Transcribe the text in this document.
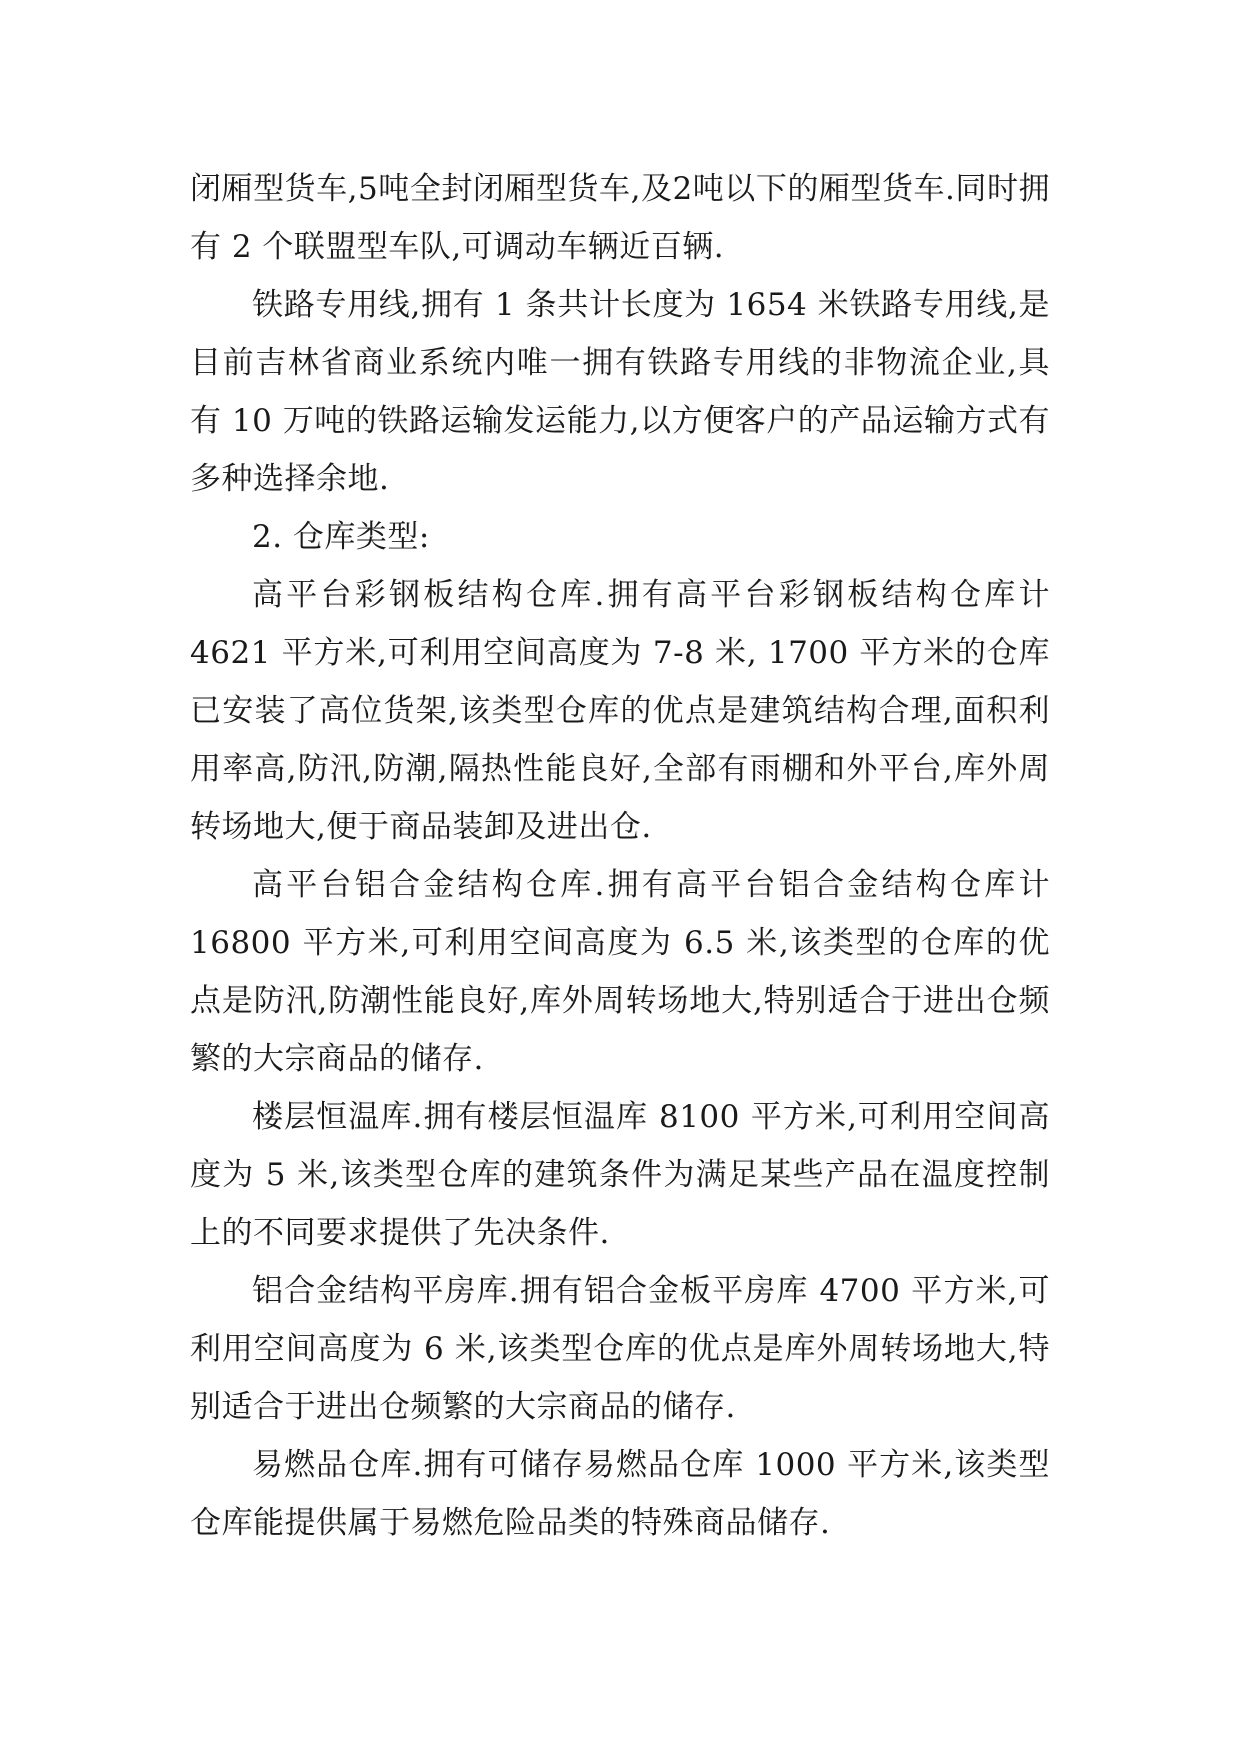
闭厢型货车,5吨全封闭厢型货车,及2吨以下的厢型货车.同时拥有 2 个联盟型车队,可调动车辆近百辆.

铁路专用线,拥有 1 条共计长度为 1654 米铁路专用线,是目前吉林省商业系统内唯一拥有铁路专用线的非物流企业,具有 10 万吨的铁路运输发运能力,以方便客户的产品运输方式有多种选择余地.

2. 仓库类型:

高平台彩钢板结构仓库.拥有高平台彩钢板结构仓库计 4621 平方米,可利用空间高度为 7-8 米, 1700 平方米的仓库已安装了高位货架,该类型仓库的优点是建筑结构合理,面积利用率高,防汛,防潮,隔热性能良好,全部有雨棚和外平台,库外周转场地大,便于商品装卸及进出仓.

高平台铝合金结构仓库.拥有高平台铝合金结构仓库计 16800 平方米,可利用空间高度为 6.5 米,该类型的仓库的优点是防汛,防潮性能良好,库外周转场地大,特别适合于进出仓频繁的大宗商品的储存.

楼层恒温库.拥有楼层恒温库 8100 平方米,可利用空间高度为 5 米,该类型仓库的建筑条件为满足某些产品在温度控制上的不同要求提供了先决条件.

铝合金结构平房库.拥有铝合金板平房库 4700 平方米,可利用空间高度为 6 米,该类型仓库的优点是库外周转场地大,特别适合于进出仓频繁的大宗商品的储存.

易燃品仓库.拥有可储存易燃品仓库 1000 平方米,该类型仓库能提供属于易燃危险品类的特殊商品储存.
